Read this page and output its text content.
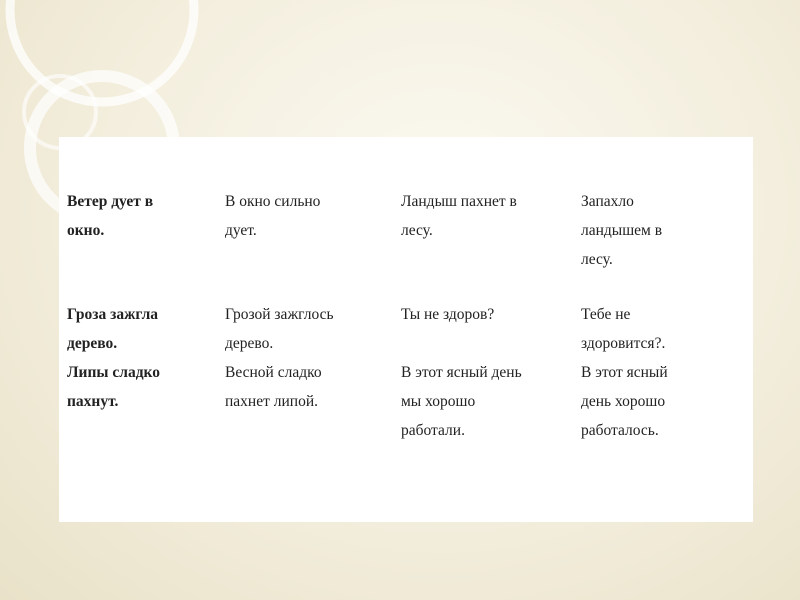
Ветер дует в
окно.
В окно сильно
дует.
Ландыш пахнет в
лесу.
Запахло
ландышем в
лесу.
Гроза зажгла
дерево.
Липы сладко
пахнут.
Грозой зажглось
дерево.
Весной сладко
пахнет липой.
Ты не здоров?
В этот ясный день
мы хорошо
работали.
Тебе не
здоровится?.
В этот ясный
день хорошо
работалось.
